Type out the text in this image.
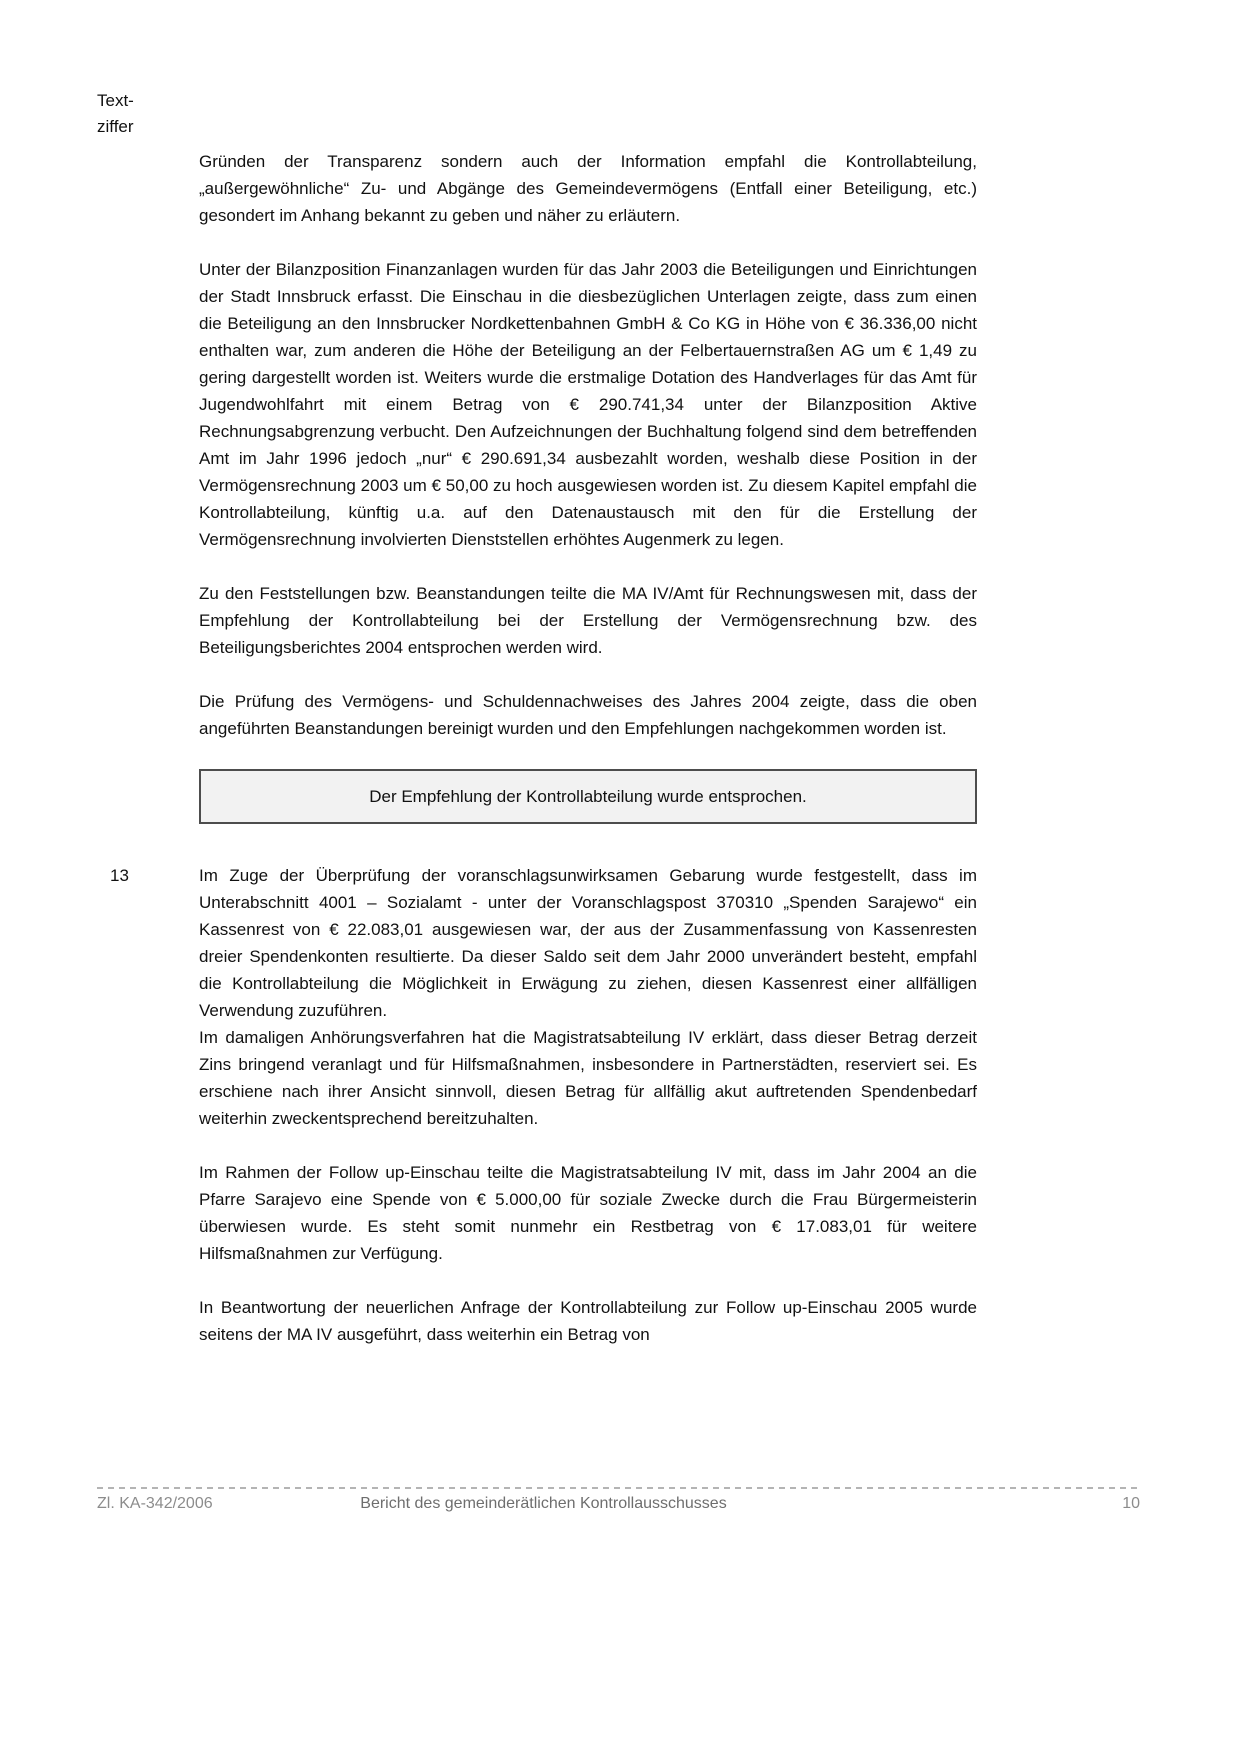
Text-
ziffer

Gründen der Transparenz sondern auch der Information empfahl die Kontrollabteilung, „außergewöhnliche“ Zu- und Abgänge des Gemeindevermögens (Entfall einer Beteiligung, etc.) gesondert im Anhang bekannt zu geben und näher zu erläutern.

Unter der Bilanzposition Finanzanlagen wurden für das Jahr 2003 die Beteiligungen und Einrichtungen der Stadt Innsbruck erfasst. Die Einschau in die diesbezüglichen Unterlagen zeigte, dass zum einen die Beteiligung an den Innsbrucker Nordkettenbahnen GmbH & Co KG in Höhe von € 36.336,00 nicht enthalten war, zum anderen die Höhe der Beteiligung an der Felbertauernstraßen AG um € 1,49 zu gering dargestellt worden ist. Weiters wurde die erstmalige Dotation des Handverlages für das Amt für Jugendwohlfahrt mit einem Betrag von € 290.741,34 unter der Bilanzposition Aktive Rechnungsabgrenzung verbucht. Den Aufzeichnungen der Buchhaltung folgend sind dem betreffenden Amt im Jahr 1996 jedoch „nur“ € 290.691,34 ausbezahlt worden, weshalb diese Position in der Vermögensrechnung 2003 um € 50,00 zu hoch ausgewiesen worden ist. Zu diesem Kapitel empfahl die Kontrollabteilung, künftig u.a. auf den Datenaustausch mit den für die Erstellung der Vermögensrechnung involvierten Dienststellen erhöhtes Augenmerk zu legen.

Zu den Feststellungen bzw. Beanstandungen teilte die MA IV/Amt für Rechnungswesen mit, dass der Empfehlung der Kontrollabteilung bei der Erstellung der Vermögensrechnung bzw. des Beteiligungsberichtes 2004 entsprochen werden wird.

Die Prüfung des Vermögens- und Schuldennachweises des Jahres 2004 zeigte, dass die oben angeführten Beanstandungen bereinigt wurden und den Empfehlungen nachgekommen worden ist.

Der Empfehlung der Kontrollabteilung wurde entsprochen.
13	Im Zuge der Überprüfung der voranschlagsunwirksamen Gebarung wurde festgestellt, dass im Unterabschnitt 4001 – Sozialamt - unter der Voranschlagspost 370310 „Spenden Sarajewo“ ein Kassenrest von € 22.083,01 ausgewiesen war, der aus der Zusammenfassung von Kassenresten dreier Spendenkonten resultierte. Da dieser Saldo seit dem Jahr 2000 unverändert besteht, empfahl die Kontrollabteilung die Möglichkeit in Erwägung zu ziehen, diesen Kassenrest einer allfälligen Verwendung zuzuführen.

Im damaligen Anhörungsverfahren hat die Magistratsabteilung IV erklärt, dass dieser Betrag derzeit Zins bringend veranlagt und für Hilfsmaßnahmen, insbesondere in Partnerstädten, reserviert sei. Es erschiene nach ihrer Ansicht sinnvoll, diesen Betrag für allfällig akut auftretenden Spendenbedarf weiterhin zweckentsprechend bereitzuhalten.

Im Rahmen der Follow up-Einschau teilte die Magistratsabteilung IV mit, dass im Jahr 2004 an die Pfarre Sarajevo eine Spende von € 5.000,00 für soziale Zwecke durch die Frau Bürgermeisterin überwiesen wurde. Es steht somit nunmehr ein Restbetrag von € 17.083,01 für weitere Hilfsmaßnahmen zur Verfügung.

In Beantwortung der neuerlichen Anfrage der Kontrollabteilung zur Follow up-Einschau 2005 wurde seitens der MA IV ausgeführt, dass weiterhin ein Betrag von

Zl. KA-342/2006	Bericht des gemeinderätlichen Kontrollausschusses	10
